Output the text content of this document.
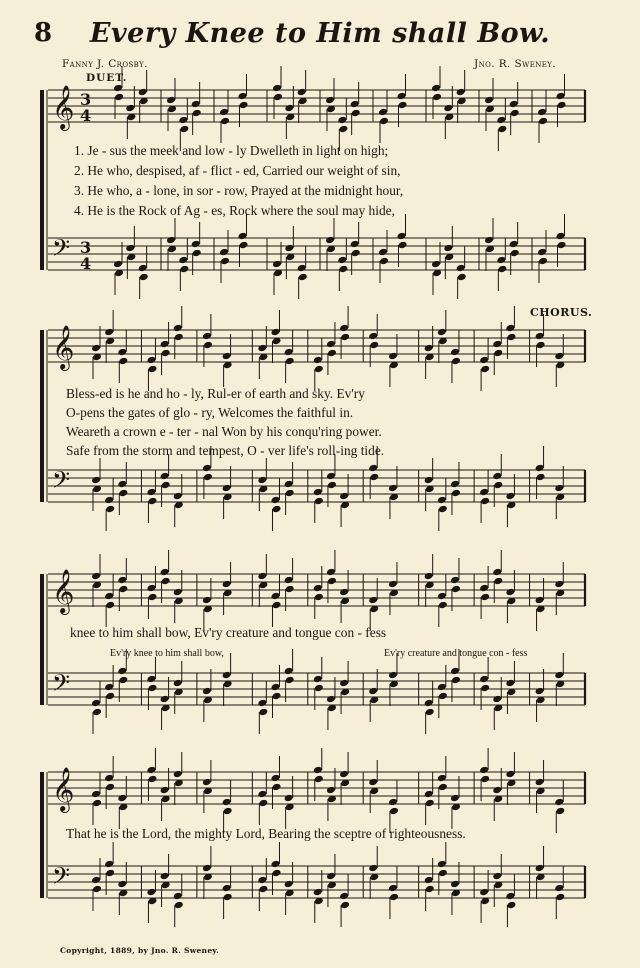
8	Every Knee to Him shall Bow.
Fanny J. Crosby.	Jno. R. Sweney.
DUET.
CHORUS.
𝄞
𝄢
𝄞
𝄢
𝄞
𝄢
𝄞
𝄢
3
4
3
4
1. Je - sus the meek and low - ly Dwelleth in light on high;
2. He who, despised, af - flict - ed, Carried our weight of sin,
3. He who, a - lone, in sor - row, Prayed at the midnight hour,
4. He is the Rock of Ag - es, Rock where the soul may hide,
Bless-ed is he and ho - ly, Rul-er of earth and sky. Ev'ry
O-pens the gates of glo - ry, Welcomes the faithful in.
Weareth a crown e - ter - nal Won by his conqu'ring power.
Safe from the storm and tempest, O - ver life's roll-ing tide.
knee to him shall bow, Ev'ry creature and tongue con - fess
Ev'ry knee to him shall bow,	Ev'ry creature and tongue con - fess
That he is the Lord, the mighty Lord, Bearing the sceptre of righteousness.
Copyright, 1889, by Jno. R. Sweney.
